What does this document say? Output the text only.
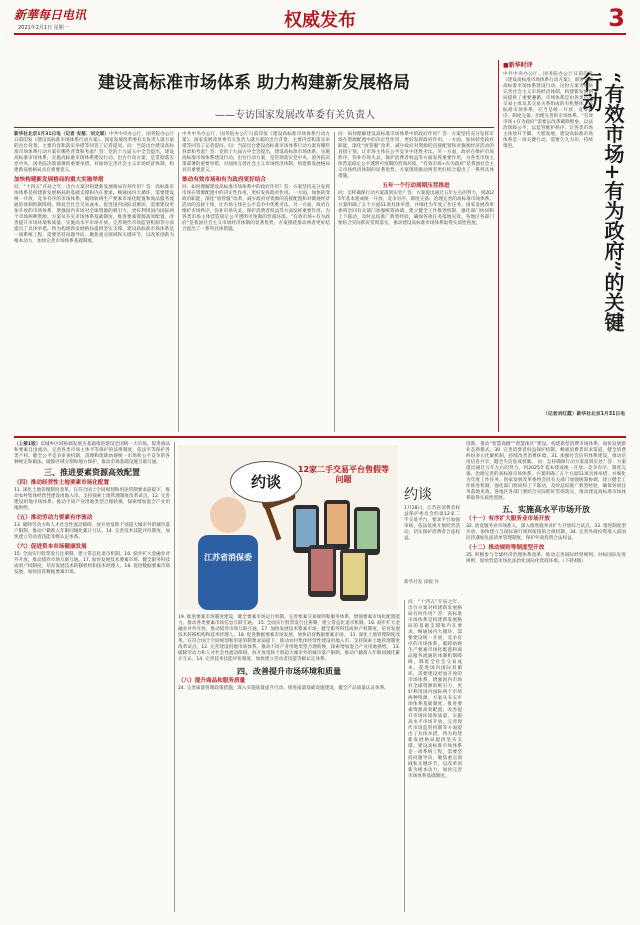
新華每日电讯
2021年2月1日 星期一	权威发布	3
建设高标准市场体系 助力构建新发展格局
——专访国家发展改革委有关负责人
新华社北京1月31日电（记者 安蓓、刘文斌）中共中央办公厅、国务院办公厅日前印发《建设高标准市场体系行动方案》。国家发展改革委有关负责人就方案的出台背景、主要内容和落实举措等回答了记者提问。问：当前出台建设高标准市场体系行动方案有哪些背景和考虑？答：党的十九届五中全会提出，建设高标准市场体系，实施高标准市场体系建设行动。出台行动方案，是贯彻落实党中央、国务院决策部署的重要举措，对加快完善社会主义市场经济体制、构建新发展格局具有重要意义。
加快构建新发展格局的重大实施举措
问：“十四五”开局之年，出台方案对构建新发展格局有何作用？答：高标准市场体系是构建新发展格局的基础支撑和内在要求。畅通国内大循环，需要建设统一开放、竞争有序的市场体系，破除妨碍生产要素市场化配置和商品服务流通的体制机制障碍，降低全社会交易成本。促进国内国际双循环，需要建设更加开放的市场体系，增强国内市场对全球资源的吸引力，更好利用国内国际两个市场两种资源。方案从夯实市场体系基础制度、推进要素资源高效配置、改善提升市场环境和质量、实施高水平市场开放、完善现代市场监管机制等方面提出了具体举措，将为构建新发展格局提供坚实支撑。建设高标准市场体系是一项系统工程，需要坚持问题导向，聚焦重点领域和关键环节，以改革创新为根本动力，加快完善市场体系基础制度。
中共中央办公厅、国务院办公厅日前印发《建设高标准市场体系行动方案》。国家发展改革委有关负责人就方案的出台背景、主要内容和落实举措等回答了记者提问。问：当前出台建设高标准市场体系行动方案有哪些背景和考虑？答：党的十九届五中全会提出，建设高标准市场体系，实施高标准市场体系建设行动。出台行动方案，是贯彻落实党中央、国务院决策部署的重要举措，对加快完善社会主义市场经济体制、构建新发展格局具有重要意义。
推动有效市场和有为政府更好结合
问：如何理解建设高标准市场体系中的政府作用？答：方案坚持充分发挥市场在资源配置中的决定性作用，更好发挥政府作用。一方面，加快转变政府职能，深化“放管服”改革，减少政府对资源的直接配置和对微观经济活动的直接干预，让市场主体在公平竞争中优胜劣汰。另一方面，政府在维护市场秩序、弥补市场失灵、保护消费者权益等方面发挥重要作用，为各类市场主体营造稳定公平透明可预期的营商环境。“有效市场+有为政府”是我国社会主义市场经济体制的显著优势，方案围绕推动两者更好结合提出了一系列具体措施。
问：如何理解建设高标准市场体系中的政府作用？答：方案坚持充分发挥市场在资源配置中的决定性作用，更好发挥政府作用。一方面，加快转变政府职能，深化“放管服”改革，减少政府对资源的直接配置和对微观经济活动的直接干预，让市场主体在公平竞争中优胜劣汰。另一方面，政府在维护市场秩序、弥补市场失灵、保护消费者权益等方面发挥重要作用，为各类市场主体营造稳定公平透明可预期的营商环境。“有效市场+有为政府”是我国社会主义市场经济体制的显著优势，方案围绕推动两者更好结合提出了一系列具体措施。
五年一个行动周期压茬推进
问：怎样确保行动方案落到实处？答：方案提出通过五年左右的努力，到2025年基本建成统一开放、竞争有序、制度完备、治理完善的高标准市场体系。方案明确了五个方面51项具体举措，并细化为年度工作任务。国家发展改革委将会同有关部门加强统筹协调，建立健全工作推进机制，强化部门协同和上下联动，及时总结推广典型经验，确保各项任务落地见效。各地区各部门要结合实际抓好贯彻落实，推动建设高标准市场体系取得实质性进展。
■新华时评
“有效市场+有为政府”的关键行动
中共中央办公厅、国务院办公厅日前印发《建设高标准市场体系行动方案》，部署实施高标准市场体系建设行动。这份方案为加快完善社会主义市场经济体制、构建新发展格局提供了重要遵循。市场体系是由各类市场交易主体及其交易关系组成的有机整体。高标准市场体系，应当是统一开放、竞争有序、制度完备、治理完善的市场体系。“有效市场+有为政府”需要以改革破除壁垒，以法治保障公平，以监管维护秩序，让各类市场主体放开手脚、大胆发展。建设高标准市场体系是一场关键行动，需要久久为功、持续推进。
（记者刘红霞）新华社北京1月31日电
（上接1版）以城乡区域协调发展为基础推进建设全国统一大市场，促进商品和要素自由流动。完善各类市场主体平等保护的法律制度，依法平等保护各类产权。健全公平竞争审查机制，清理和废除妨碍统一市场和公平竞争的各种规定和做法。破除区域分割和地方保护，推动市场基础设施互联互通。
三、推进要素资源高效配置
（四）推动经营性土地要素市场化配置
11. 深化土地管理制度改革。在符合国土空间规划和用途管制要求前提下，推动农村集体经营性建设用地入市。支持探索土地管理制度改革试点。12. 完善建设用地市场体系。推动不同产业用地类型合理转换，探索增加混合产业用地供给。
（五）推动劳动力要素有序流动
13. 破除劳动力和人才社会性流动障碍。放开放宽除个别超大城市外的城市落户限制，推动户籍准入年限同城化累计互认。14. 完善技术技能评价制度，加快建立劳动者技能等级认定体系。
（六）促进资本市场健康发展
15. 全面实行股票发行注册制，建立常态化退市机制。16. 稳步扩大金融业对外开放，推动债券市场互联互通。17. 加快发展技术要素市场，健全职务科技成果产权制度，培育发展技术转移机构和技术经理人。18. 促进数据要素市场发展，加快培育数据要素市场。
约谈
12家二手交易平台售假等问题
江苏省消保委
约谈
1月28日，江苏省消费者权益保护委员会约谈12家二手交易平台，要求平台加强审核，依法依规开展经营活动，切实保护消费者合法权益。
新华社发 徐骏 作
19. 推进要素市场制度建设，健全要素市场运行机制，完善要素交易规则和服务体系，增强要素市场化配置能力。推动各类要素市场信息互联互通。 15. 全面实行股票发行注册制，建立常态化退市机制。16. 稳步扩大金融业对外开放，推动债券市场互联互通。17. 加快发展技术要素市场，健全职务科技成果产权制度，培育发展技术转移机构和技术经理人。18. 促进数据要素市场发展，加快培育数据要素市场。 11. 深化土地管理制度改革。在符合国土空间规划和用途管制要求前提下，推动农村集体经营性建设用地入市。支持探索土地管理制度改革试点。12. 完善建设用地市场体系。推动不同产业用地类型合理转换，探索增加混合产业用地供给。 13. 破除劳动力和人才社会性流动障碍。放开放宽除个别超大城市外的城市落户限制，推动户籍准入年限同城化累计互认。14. 完善技术技能评价制度，加快建立劳动者技能等级认定体系。
四、改善提升市场环境和质量
（八）提升商品和服务质量
24. 完善质量管理政策措施，深入实施质量提升行动，推进质量基础设施建设，健全产品质量认证体系。
创新，推动“智慧商圈”“智慧街区”建设。构建新型消费市场体系，加快发展新业态新模式。30. 完善消费者权益保护机制，畅通消费者诉求渠道，健全消费纠纷多元化解机制，持续改善消费环境。31. 加强社会信用体系建设，推动信用信息共享，健全失信惩戒机制。 问：怎样确保行动方案落到实处？答：方案提出通过五年左右的努力，到2025年基本建成统一开放、竞争有序、制度完备、治理完善的高标准市场体系。方案明确了五个方面51项具体举措，并细化为年度工作任务。国家发展改革委将会同有关部门加强统筹协调，建立健全工作推进机制，强化部门协同和上下联动，及时总结推广典型经验，确保各项任务落地见效。各地区各部门要结合实际抓好贯彻落实，推动建设高标准市场体系取得实质性进展。
五、实施高水平市场开放
（十一）有序扩大服务业市场开放
32. 放宽服务业市场准入，深入推进服务业扩大开放综合试点。33. 推进制度型开放，加快建立与国际通行规则衔接的合规机制。34. 完善外商投资准入前国民待遇加负面清单管理制度，保护外商投资合法权益。
（十二）推动规则等制度型开放
35. 积极参与全球经济治理体系改革，推动完善国际经贸规则。对标国际先进规则，加快营造市场化法治化国际化营商环境。（下转4版）
问：“十四五”开局之年，出台方案对构建新发展格局有何作用？答：高标准市场体系是构建新发展格局的基础支撑和内在要求。畅通国内大循环，需要建设统一开放、竞争有序的市场体系，破除妨碍生产要素市场化配置和商品服务流通的体制机制障碍，降低全社会交易成本。促进国内国际双循环，需要建设更加开放的市场体系，增强国内市场对全球资源的吸引力，更好利用国内国际两个市场两种资源。方案从夯实市场体系基础制度、推进要素资源高效配置、改善提升市场环境和质量、实施高水平市场开放、完善现代市场监管机制等方面提出了具体举措，将为构建新发展格局提供坚实支撑。建设高标准市场体系是一项系统工程，需要坚持问题导向，聚焦重点领域和关键环节，以改革创新为根本动力，加快完善市场体系基础制度。
